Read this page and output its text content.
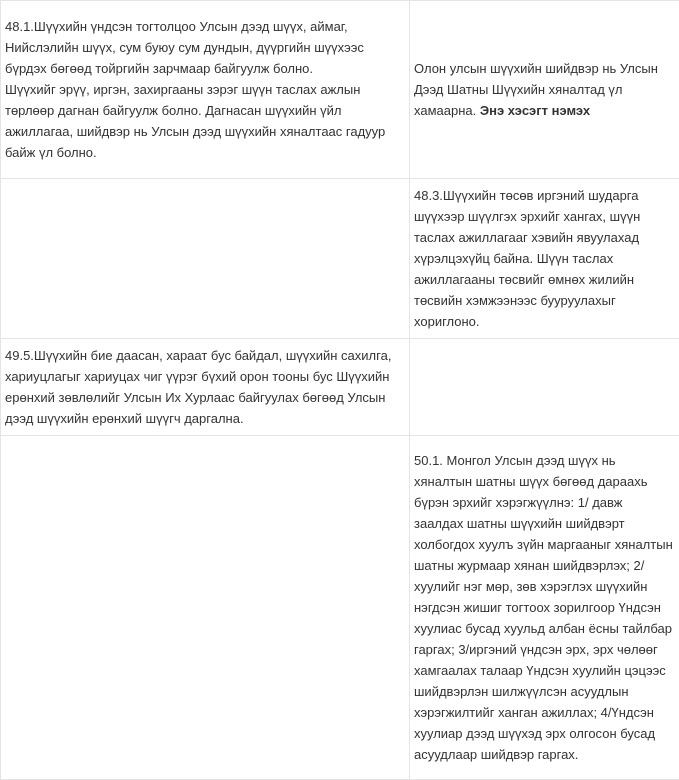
48.1.Шүүхийн үндсэн тогтолцоо Улсын дээд шүүх, аймаг, Нийслэлийн шүүх, сум буюу сум дундын, дүүргийн шүүхээс бүрдэх бөгөөд тойргийн зарчмаар байгуулж болно.
Шүүхийг эрүү, иргэн, захиргааны зэрэг шүүн таслах ажлын төрлөөр дагнан байгуулж болно. Дагнасан шүүхийн үйл ажиллагаа, шийдвэр нь Улсын дээд шүүхийн хяналтаас гадуур байж үл болно.	Олон улсын шүүхийн шийдвэр нь Улсын Дээд Шатны Шүүхийн хяналтад үл хамаарна. Энэ хэсэгт нэмэх
	48.3.Шүүхийн төсөв иргэний шударга шүүхээр шүүлгэх эрхийг хангах, шүүн таслах ажиллагааг хэвийн явуулахад хүрэлцэхүйц байна. Шүүн таслах ажиллагааны төсвийг өмнөх жилийн төсвийн хэмжээнээс бууруулахыг хориглоно.
49.5.Шүүхийн бие даасан, хараат бус байдал, шүүхийн сахилга, хариуцлагыг хариуцах чиг үүрэг бүхий орон тооны бус Шүүхийн ерөнхий зөвлөлийг Улсын Их Хурлаас байгуулах бөгөөд Улсын дээд шүүхийн ерөнхий шүүгч даргална.	
	50.1. Монгол Улсын дээд шүүх нь хяналтын шатны шүүх бөгөөд дараахь бүрэн эрхийг хэрэгжүүлнэ: 1/ давж заалдах шатны шүүхийн шийдвэрт холбогдох хуулъ зүйн маргааныг хяналтын шатны журмаар хянан шийдвэрлэх; 2/ хуулийг нэг мөр, зөв хэрэглэх шүүхийн нэгдсэн жишиг тогтоох зорилгоор Үндсэн хуулиас бусад хуульд албан ёсны тайлбар гаргах; 3/иргэний үндсэн эрх, эрх чөлөөг хамгаалах талаар Үндсэн хуулийн цэцээс шийдвэрлэн шилжүүлсэн асуудлын хэрэгжилтийг ханган ажиллах; 4/Үндсэн хуулиар дээд шүүхэд эрх олгосон бусад асуудлаар шийдвэр гаргах.
